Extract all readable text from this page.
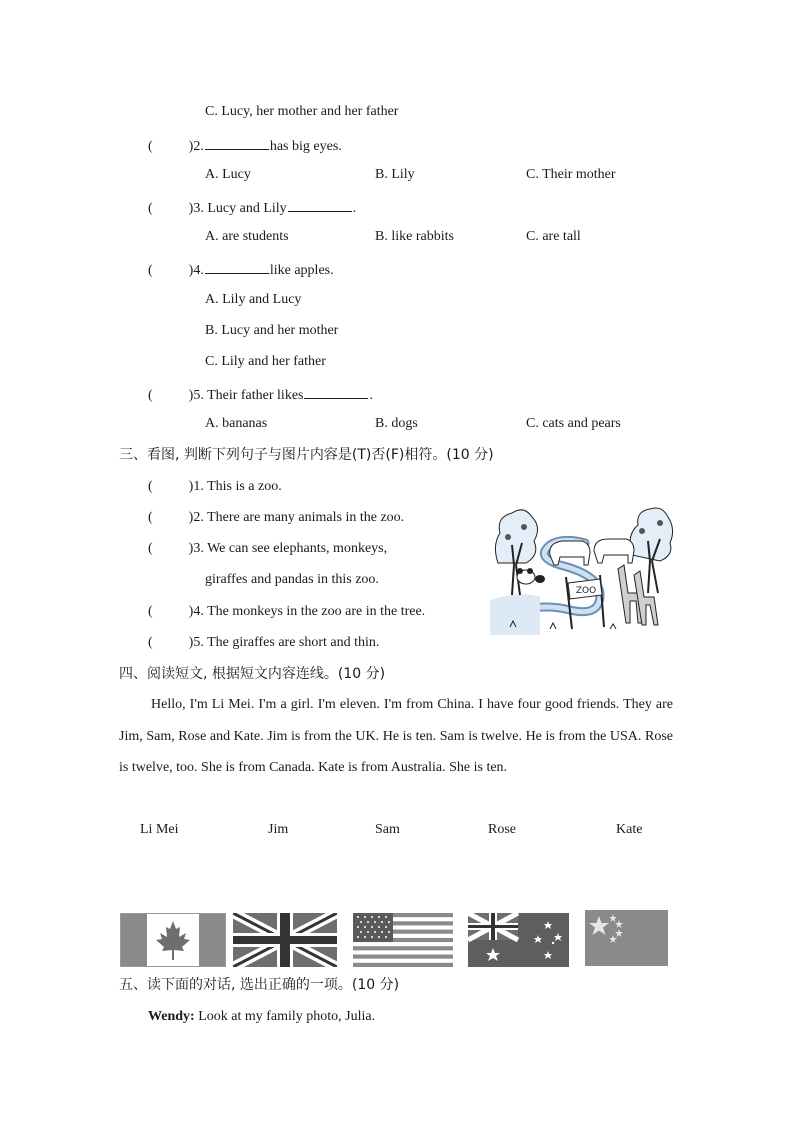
C. Lucy, her mother and her father
(	)2.	has big eyes.
A. Lucy	B. Lily	C. Their mother
(	)3. Lucy and Lily	.
A. are students	B. like rabbits	C. are tall
(	)4.	like apples.
A. Lily and Lucy
B. Lucy and her mother
C. Lily and her father
(	)5. Their father likes	.
A. bananas	B. dogs	C. cats and pears
三、看图, 判断下列句子与图片内容是(T)否(F)相符。(10 分)
(	)1. This is a zoo.
(	)2. There are many animals in the zoo.
(	)3. We can see elephants, monkeys,
giraffes and pandas in this zoo.
(	)4. The monkeys in the zoo are in the tree.
(	)5. The giraffes are short and thin.
ZOO
四、阅读短文, 根据短文内容连线。(10 分)
Hello, I'm Li Mei. I'm a girl. I'm eleven. I'm from China. I have four good friends. They are Jim, Sam, Rose and Kate. Jim is from the UK. He is ten. Sam is twelve. He is from the USA. Rose is twelve, too. She is from Canada. Kate is from Australia. She is ten.
Li Mei	Jim	Sam	Rose	Kate
五、读下面的对话, 选出正确的一项。(10 分)
Wendy: Look at my family photo, Julia.
